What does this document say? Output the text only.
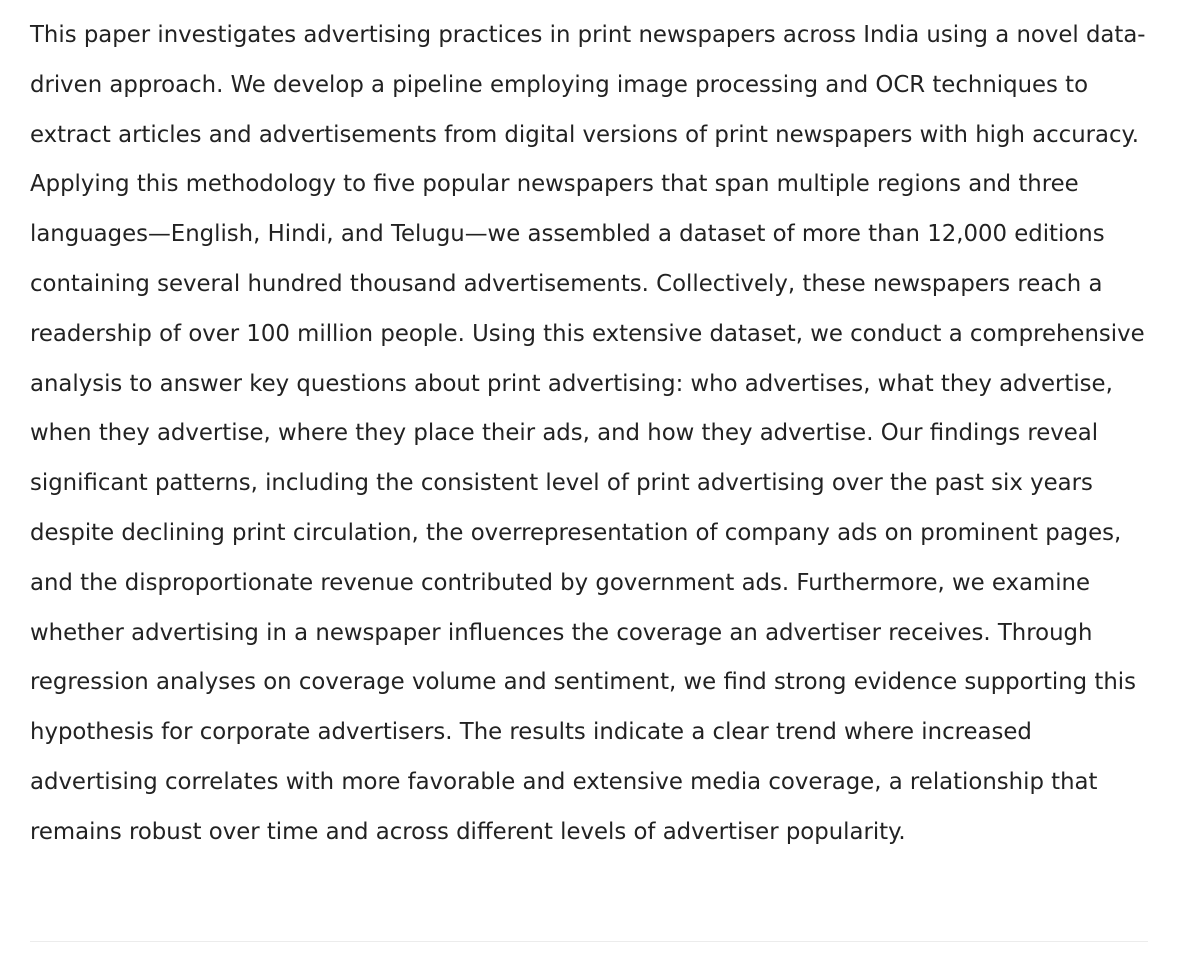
This paper investigates advertising practices in print newspapers across India using a novel data-driven approach. We develop a pipeline employing image processing and OCR techniques to extract articles and advertisements from digital versions of print newspapers with high accuracy. Applying this methodology to five popular newspapers that span multiple regions and three languages—English, Hindi, and Telugu—we assembled a dataset of more than 12,000 editions containing several hundred thousand advertisements. Collectively, these newspapers reach a readership of over 100 million people. Using this extensive dataset, we conduct a comprehensive analysis to answer key questions about print advertising: who advertises, what they advertise, when they advertise, where they place their ads, and how they advertise. Our findings reveal significant patterns, including the consistent level of print advertising over the past six years despite declining print circulation, the overrepresentation of company ads on prominent pages, and the disproportionate revenue contributed by government ads. Furthermore, we examine whether advertising in a newspaper influences the coverage an advertiser receives. Through regression analyses on coverage volume and sentiment, we find strong evidence supporting this hypothesis for corporate advertisers. The results indicate a clear trend where increased advertising correlates with more favorable and extensive media coverage, a relationship that remains robust over time and across different levels of advertiser popularity.
